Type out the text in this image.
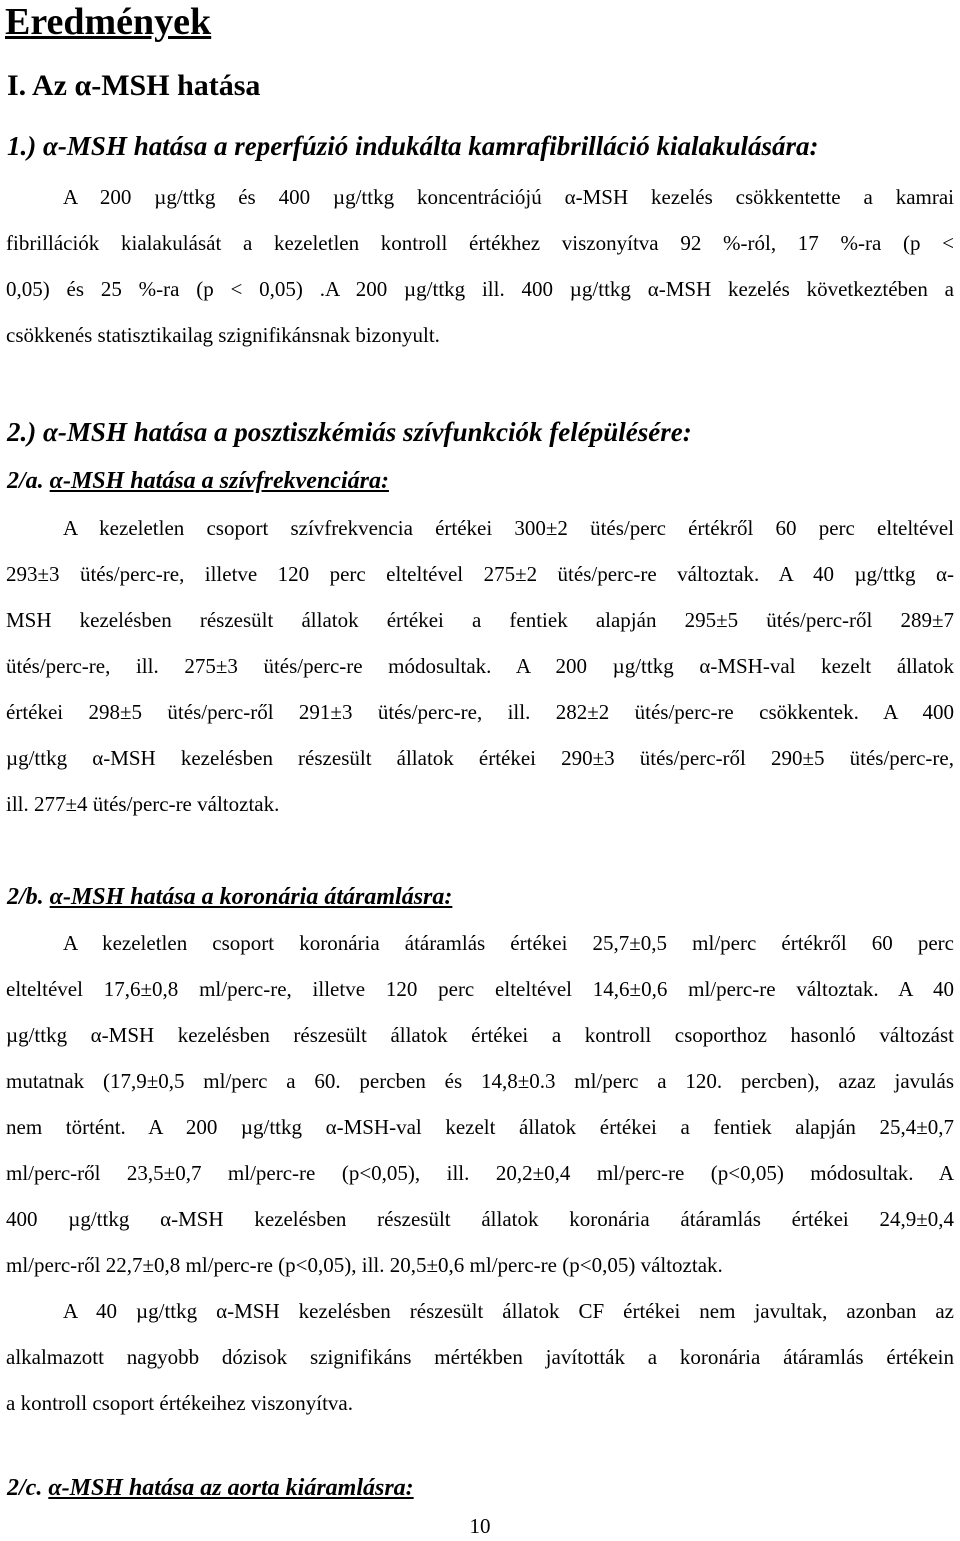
Eredmények
I. Az α-MSH hatása
1.) α-MSH hatása a reperfúzió indukálta kamrafibrilláció kialakulására:
A 200 µg/ttkg és 400 µg/ttkg koncentrációjú α-MSH kezelés csökkentette a kamrai
fibrillációk kialakulását a kezeletlen kontroll értékhez viszonyítva 92 %-ról, 17 %-ra (p <
0,05) és 25 %-ra (p < 0,05) .A 200 µg/ttkg ill. 400 µg/ttkg α-MSH kezelés következtében a
csökkenés statisztikailag szignifikánsnak bizonyult.
2.) α-MSH hatása a posztiszkémiás szívfunkciók felépülésére:
2/a. α-MSH hatása a szívfrekvenciára:
A kezeletlen csoport szívfrekvencia értékei 300±2 ütés/perc értékről 60 perc elteltével
293±3 ütés/perc-re, illetve 120 perc elteltével 275±2 ütés/perc-re változtak. A 40 µg/ttkg α-
MSH kezelésben részesült állatok értékei a fentiek alapján 295±5 ütés/perc-ről 289±7
ütés/perc-re, ill. 275±3 ütés/perc-re módosultak. A 200 µg/ttkg α-MSH-val kezelt állatok
értékei 298±5 ütés/perc-ről 291±3 ütés/perc-re, ill. 282±2 ütés/perc-re csökkentek. A 400
µg/ttkg α-MSH kezelésben részesült állatok értékei 290±3 ütés/perc-ről 290±5 ütés/perc-re,
ill. 277±4 ütés/perc-re változtak.
2/b. α-MSH hatása a koronária átáramlásra:
A kezeletlen csoport koronária átáramlás értékei 25,7±0,5 ml/perc értékről 60 perc
elteltével 17,6±0,8 ml/perc-re, illetve 120 perc elteltével 14,6±0,6 ml/perc-re változtak. A 40
µg/ttkg α-MSH kezelésben részesült állatok értékei a kontroll csoporthoz hasonló változást
mutatnak (17,9±0,5 ml/perc a 60. percben és 14,8±0.3 ml/perc a 120. percben), azaz javulás
nem történt. A 200 µg/ttkg α-MSH-val kezelt állatok értékei a fentiek alapján 25,4±0,7
ml/perc-ről 23,5±0,7 ml/perc-re (p<0,05), ill. 20,2±0,4 ml/perc-re (p<0,05) módosultak. A
400 µg/ttkg α-MSH kezelésben részesült állatok koronária átáramlás értékei 24,9±0,4
ml/perc-ről 22,7±0,8 ml/perc-re (p<0,05), ill. 20,5±0,6 ml/perc-re (p<0,05) változtak.
A 40 µg/ttkg α-MSH kezelésben részesült állatok CF értékei nem javultak, azonban az
alkalmazott nagyobb dózisok szignifikáns mértékben javították a koronária átáramlás értékein
a kontroll csoport értékeihez viszonyítva.
2/c. α-MSH hatása az aorta kiáramlásra:
10
